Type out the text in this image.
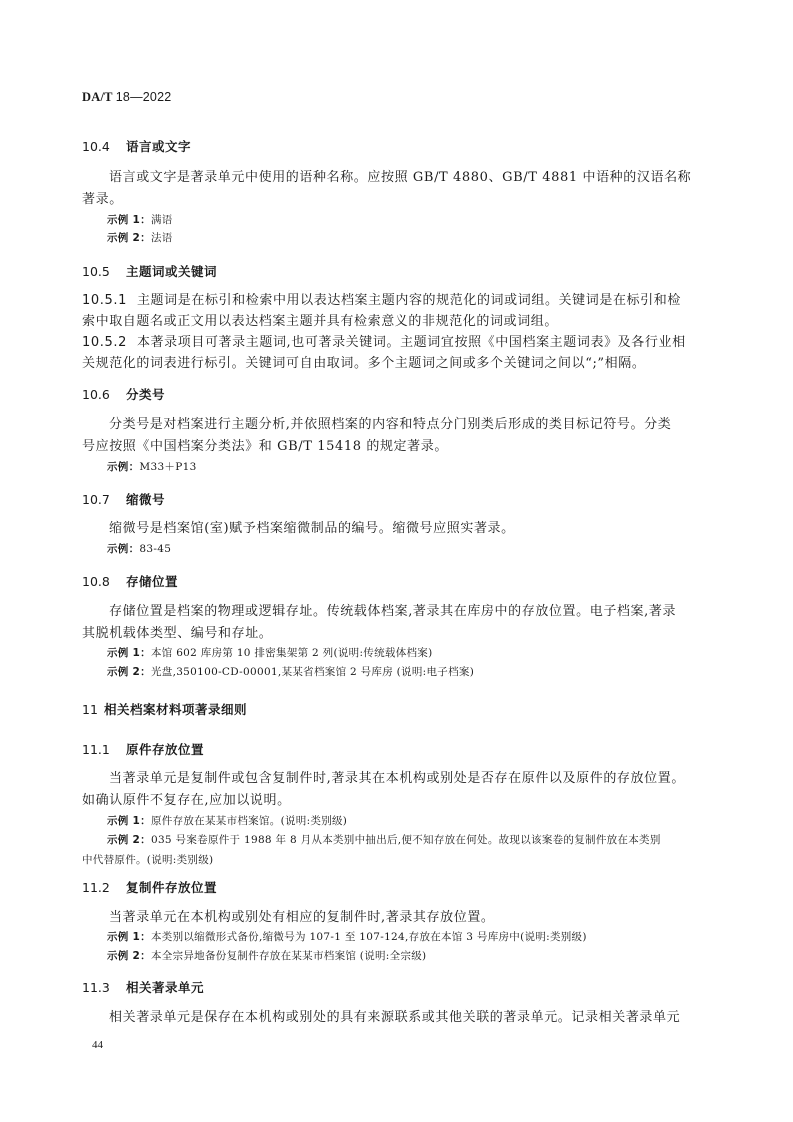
DA/T 18—2022
10.4 语言或文字
语言或文字是著录单元中使用的语种名称。应按照 GB/T 4880、GB/T 4881 中语种的汉语名称
著录。
示例 1：满语
示例 2：法语
10.5 主题词或关键词
10.5.1 主题词是在标引和检索中用以表达档案主题内容的规范化的词或词组。关键词是在标引和检
索中取自题名或正文用以表达档案主题并具有检索意义的非规范化的词或词组。
10.5.2 本著录项目可著录主题词,也可著录关键词。主题词宜按照《中国档案主题词表》及各行业相
关规范化的词表进行标引。关键词可自由取词。多个主题词之间或多个关键词之间以“;”相隔。
10.6 分类号
分类号是对档案进行主题分析,并依照档案的内容和特点分门别类后形成的类目标记符号。分类
号应按照《中国档案分类法》和 GB/T 15418 的规定著录。
示例：M33＋P13
10.7 缩微号
缩微号是档案馆(室)赋予档案缩微制品的编号。缩微号应照实著录。
示例：83-45
10.8 存储位置
存储位置是档案的物理或逻辑存址。传统载体档案,著录其在库房中的存放位置。电子档案,著录
其脱机载体类型、编号和存址。
示例 1：本馆 602 库房第 10 排密集架第 2 列(说明:传统载体档案)
示例 2：光盘,350100-CD-00001,某某省档案馆 2 号库房 (说明:电子档案)
11 相关档案材料项著录细则
11.1 原件存放位置
当著录单元是复制件或包含复制件时,著录其在本机构或别处是否存在原件以及原件的存放位置。
如确认原件不复存在,应加以说明。
示例 1：原件存放在某某市档案馆。(说明:类别级)
示例 2：035 号案卷原件于 1988 年 8 月从本类别中抽出后,便不知存放在何处。故现以该案卷的复制件放在本类别
中代替原件。(说明:类别级)
11.2 复制件存放位置
当著录单元在本机构或别处有相应的复制件时,著录其存放位置。
示例 1：本类别以缩微形式备份,缩微号为 107-1 至 107-124,存放在本馆 3 号库房中(说明:类别级)
示例 2：本全宗异地备份复制件存放在某某市档案馆 (说明:全宗级)
11.3 相关著录单元
相关著录单元是保存在本机构或别处的具有来源联系或其他关联的著录单元。记录相关著录单元
44
